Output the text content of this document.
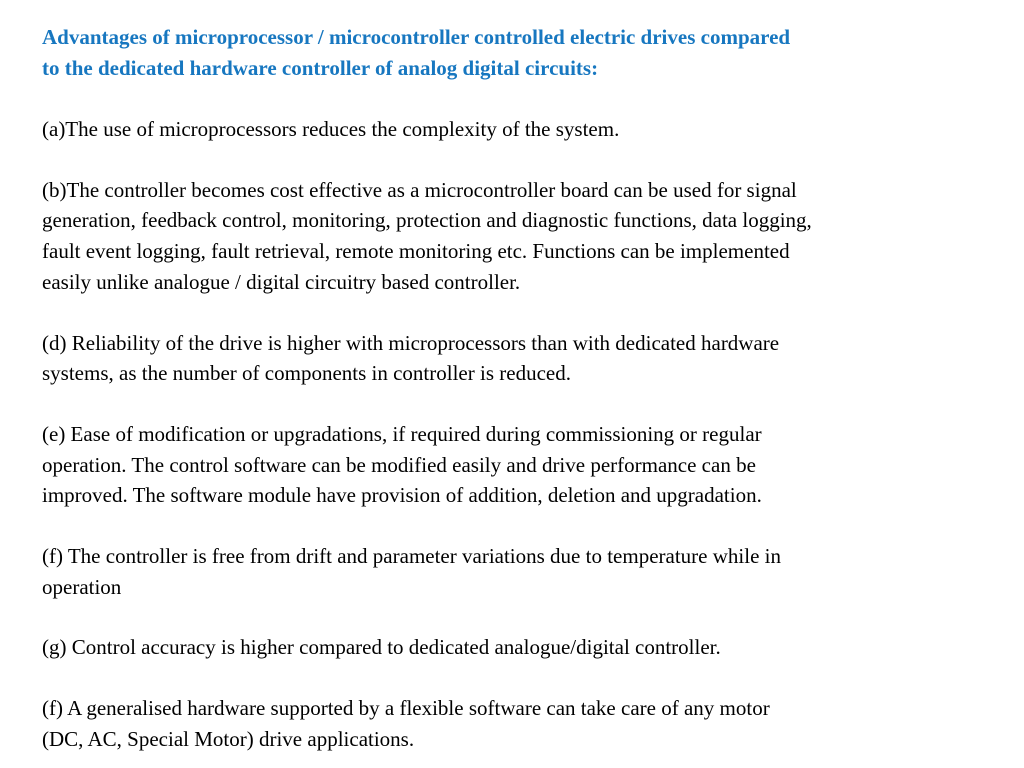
Advantages of microprocessor / microcontroller controlled electric drives compared
to the dedicated hardware controller of analog digital circuits:
(a)The use of microprocessors reduces the complexity of the system.
(b)The controller becomes cost effective as a microcontroller board can be used for signal
generation, feedback control, monitoring, protection and diagnostic functions, data logging,
fault event logging, fault retrieval, remote monitoring etc. Functions can be implemented
easily unlike analogue / digital circuitry based controller.
(d) Reliability of the drive is higher with microprocessors than with dedicated hardware
systems, as the number of components in controller is reduced.
(e) Ease of modification or upgradations, if required during commissioning or regular
operation. The control software can be modified easily and drive performance can be
improved. The software module have provision of addition, deletion and upgradation.
(f) The controller is free from drift and parameter variations due to temperature while in
operation
(g) Control accuracy is higher compared to dedicated analogue/digital controller.
(f) A generalised hardware supported by a flexible software can take care of any motor
(DC, AC, Special Motor) drive applications.
